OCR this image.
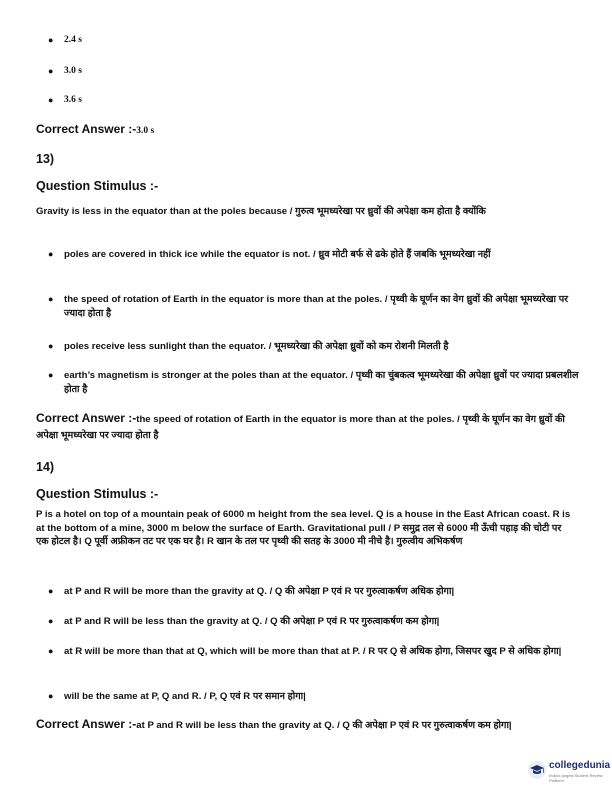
● 2.4 s
● 3.0 s
● 3.6 s
Correct Answer :-3.0 s
13)
Question Stimulus :-
Gravity is less in the equator than at the poles because / गुरुत्व भूमध्यरेखा पर ध्रुवों की अपेक्षा कम होता है क्योंकि
● poles are covered in thick ice while the equator is not. / ध्रुव मोटी बर्फ से ढके होते हैं जबकि भूमध्यरेखा नहीं
● the speed of rotation of Earth in the equator is more than at the poles. / पृथ्वी के घूर्णन का वेग ध्रुवों की अपेक्षा भूमध्यरेखा पर ज्यादा होता है
● poles receive less sunlight than the equator. / भूमध्यरेखा की अपेक्षा ध्रुवों को कम रोशनी मिलती है
● earth’s magnetism is stronger at the poles than at the equator. / पृथ्वी का चुंबकत्व भूमध्यरेखा की अपेक्षा ध्रुवों पर ज्यादा प्रबलशील होता है
Correct Answer :-the speed of rotation of Earth in the equator is more than at the poles. / पृथ्वी के घूर्णन का वेग ध्रुवों की अपेक्षा भूमध्यरेखा पर ज्यादा होता है
14)
Question Stimulus :-
P is a hotel on top of a mountain peak of 6000 m height from the sea level. Q is a house in the East African coast. R is at the bottom of a mine, 3000 m below the surface of Earth. Gravitational pull / P समुद्र तल से 6000 मी ऊँची पहाड़ की चोटी पर एक होटल है। Q पूर्वी अफ्रीकन तट पर एक घर है। R खान के तल पर पृथ्वी की सतह के 3000 मी नीचे है। गुरुत्वीय अभिकर्षण
● at P and R will be more than the gravity at Q. / Q की अपेक्षा P एवं R पर गुरुत्वाकर्षण अधिक होगा|
● at P and R will be less than the gravity at Q. / Q की अपेक्षा P एवं R पर गुरुत्वाकर्षण कम होगा|
● at R will be more than that at Q, which will be more than that at P. / R पर Q से अधिक होगा, जिसपर खुद P से अधिक होगा|
● will be the same at P, Q and R. / P, Q एवं R पर समान होगा|
Correct Answer :-at P and R will be less than the gravity at Q. / Q की अपेक्षा P एवं R पर गुरुत्वाकर्षण कम होगा|
collegedunia
India's largest Student Review Platform
